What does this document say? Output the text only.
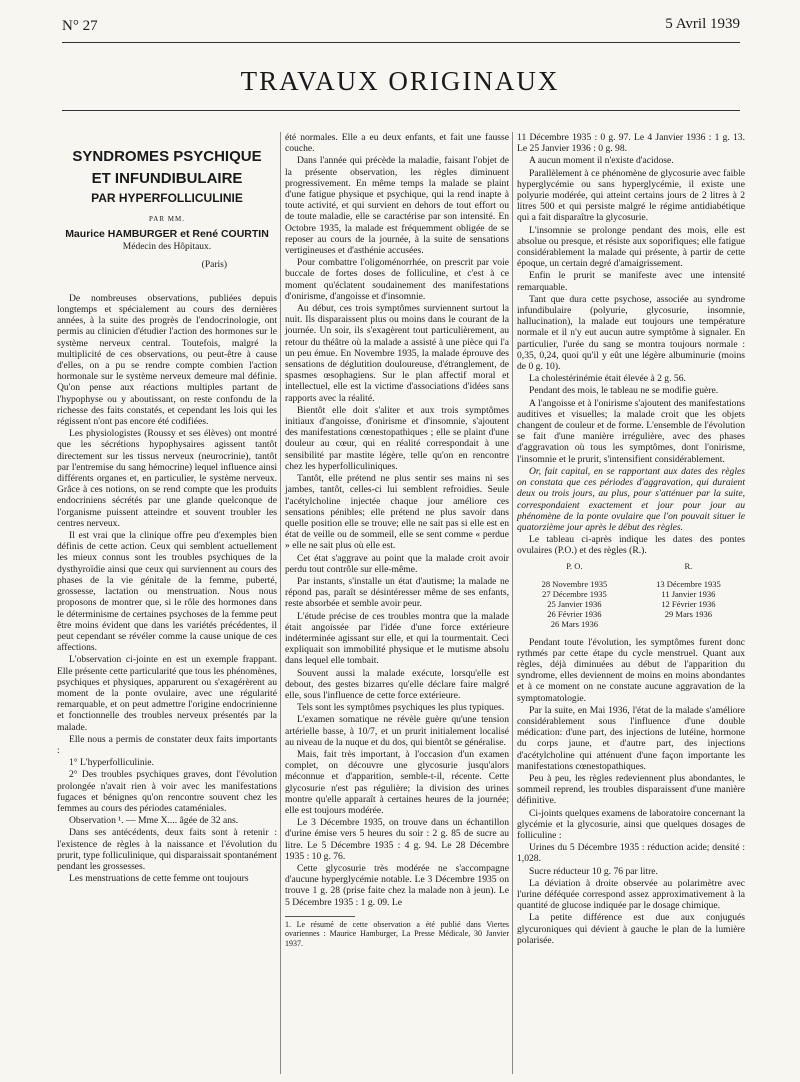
N° 27	5 Avril 1939
TRAVAUX ORIGINAUX
SYNDROMES PSYCHIQUE
ET INFUNDIBULAIRE
PAR HYPERFOLLICULINIE
PAR MM.
Maurice HAMBURGER et René COURTIN
Médecin des Hôpitaux.
(Paris)

De nombreuses observations, publiées depuis longtemps et spécialement au cours des dernières années, à la suite des progrès de l'endocrinologie, ont permis au clinicien d'étudier l'action des hormones sur le système nerveux central. Toutefois, malgré la multiplicité de ces observations, ou peut-être à cause d'elles, on a pu se rendre compte combien l'action hormonale sur le système nerveux demeure mal définie. Qu'on pense aux réactions multiples partant de l'hypophyse ou y aboutissant, on reste confondu de la richesse des faits constatés, et cependant les lois qui les régissent n'ont pas encore été codifiées.

Les physiologistes (Roussy et ses élèves) ont montré que les sécrétions hypophysaires agissent tantôt directement sur les tissus nerveux (neurocrinie), tantôt par l'entremise du sang hémocrine) lequel influence ainsi différents organes et, en particulier, le système nerveux. Grâce à ces notions, on se rend compte que les produits endocriniens sécrétés par une glande quelconque de l'organisme puissent atteindre et souvent troubler les centres nerveux.

Il est vrai que la clinique offre peu d'exemples bien définis de cette action. Ceux qui semblent actuellement les mieux connus sont les troubles psychiques de la dysthyroïdie ainsi que ceux qui surviennent au cours des phases de la vie génitale de la femme, puberté, grossesse, lactation ou menstruation. Nous nous proposons de montrer que, si le rôle des hormones dans le déterminisme de certaines psychoses de la femme peut être moins évident que dans les variétés précédentes, il peut cependant se révéler comme la cause unique de ces affections.

L'observation ci-jointe en est un exemple frappant. Elle présente cette particularité que tous les phénomènes, psychiques et physiques, apparurent ou s'exagérèrent au moment de la ponte ovulaire, avec une régularité remarquable, et on peut admettre l'origine endocrinienne et fonctionnelle des troubles nerveux présentés par la malade.

Elle nous a permis de constater deux faits importants :

1° L'hyperfolliculinie.

2° Des troubles psychiques graves, dont l'évolution prolongée n'avait rien à voir avec les manifestations fugaces et bénignes qu'on rencontre souvent chez les femmes au cours des périodes cataméniales.

Observation ¹. — Mme X.... âgée de 32 ans.

Dans ses antécédents, deux faits sont à retenir : l'existence de règles à la naissance et l'évolution du prurit, type folliculinique, qui disparaissait spontanément pendant les grossesses.

Les menstruations de cette femme ont toujours

été normales. Elle a eu deux enfants, et fait une fausse couche.

Dans l'année qui précède la maladie, faisant l'objet de la présente observation, les règles diminuent progressivement. En même temps la malade se plaint d'une fatigue physique et psychique, qui la rend inapte à toute activité, et qui survient en dehors de tout effort ou de toute maladie, elle se caractérise par son intensité. En Octobre 1935, la malade est fréquemment obligée de se reposer au cours de la journée, à la suite de sensations vertigineuses et d'asthénie accusées.

Pour combattre l'oligoménorrhée, on prescrit par voie buccale de fortes doses de folliculine, et c'est à ce moment qu'éclatent soudainement des manifestations d'onirisme, d'angoisse et d'insomnie.

Au début, ces trois symptômes surviennent surtout la nuit. Ils disparaissent plus ou moins dans le courant de la journée. Un soir, ils s'exagèrent tout particulièrement, au retour du théâtre où la malade a assisté à une pièce qui l'a un peu émue. En Novembre 1935, la malade éprouve des sensations de déglutition douloureuse, d'étranglement, de spasmes œsophagiens. Sur le plan affectif moral et intellectuel, elle est la victime d'associations d'idées sans rapports avec la réalité.

Bientôt elle doit s'aliter et aux trois symptômes initiaux d'angoisse, d'onirisme et d'insomnie, s'ajoutent des manifestations cœnestopathiques ; elle se plaint d'une douleur au cœur, qui en réalité correspondait à une sensibilité par mastite légère, telle qu'on en rencontre chez les hyperfolliculiniques.

Tantôt, elle prétend ne plus sentir ses mains ni ses jambes, tantôt, celles-ci lui semblent refroidies. Seule l'acétylcholine injectée chaque jour améliore ces sensations pénibles; elle prétend ne plus savoir dans quelle position elle se trouve; elle ne sait pas si elle est en état de veille ou de sommeil, elle se sent comme « perdue » elle ne sait plus où elle est.

Cet état s'aggrave au point que la malade croit avoir perdu tout contrôle sur elle-même.

Par instants, s'installe un état d'autisme; la malade ne répond pas, paraît se désintéresser même de ses enfants, reste absorbée et semble avoir peur.

L'étude précise de ces troubles montra que la malade était angoissée par l'idée d'une force extérieure indéterminée agissant sur elle, et qui la tourmentait. Ceci expliquait son immobilité physique et le mutisme absolu dans lequel elle tombait.

Souvent aussi la malade exécute, lorsqu'elle est debout, des gestes bizarres qu'elle déclare faire malgré elle, sous l'influence de cette force extérieure.

Tels sont les symptômes psychiques les plus typiques.

L'examen somatique ne révèle guère qu'une tension artérielle basse, à 10/7, et un prurit initialement localisé au niveau de la nuque et du dos, qui bientôt se généralise.

Mais, fait très important, à l'occasion d'un examen complet, on découvre une glycosurie jusqu'alors méconnue et d'apparition, semble-t-il, récente. Cette glycosurie n'est pas régulière; la division des urines montre qu'elle apparaît à certaines heures de la journée; elle est toujours modérée.

Le 3 Décembre 1935, on trouve dans un échantillon d'urine émise vers 5 heures du soir : 2 g. 85 de sucre au litre. Le 5 Décembre 1935 : 4 g. 94. Le 28 Décembre 1935 : 10 g. 76.

Cette glycosurie très modérée ne s'accompagne d'aucune hyperglycémie notable. Le 3 Décembre 1935 on trouve 1 g. 28 (prise faite chez la malade non à jeun). Le 5 Décembre 1935 : 1 g. 09. Le

1. Le résumé de cette observation a été publié dans Viertes ovariennes : Maurice Hamburger, La Presse Médicale, 30 Janvier 1937.

11 Décembre 1935 : 0 g. 97. Le 4 Janvier 1936 : 1 g. 13. Le 25 Janvier 1936 : 0 g. 98.

A aucun moment il n'existe d'acidose.

Parallèlement à ce phénomène de glycosurie avec faible hyperglycémie ou sans hyperglycémie, il existe une polyurie modérée, qui atteint certains jours de 2 litres à 2 litres 500 et qui persiste malgré le régime antidiabétique qui a fait disparaître la glycosurie.

L'insomnie se prolonge pendant des mois, elle est absolue ou presque, et résiste aux soporifiques; elle fatigue considérablement la malade qui présente, à partir de cette époque, un certain degré d'amaigrissement.

Enfin le prurit se manifeste avec une intensité remarquable.

Tant que dura cette psychose, associée au syndrome infundibulaire (polyurie, glycosurie, insomnie, hallucination), la malade eut toujours une température normale et il n'y eut aucun autre symptôme à signaler. En particulier, l'urée du sang se montra toujours normale : 0,35, 0,24, quoi qu'il y eût une légère albuminurie (moins de 0 g. 10).

La cholestérinémie était élevée à 2 g. 56.

Pendant des mois, le tableau ne se modifie guère.

A l'angoisse et à l'onirisme s'ajoutent des manifestations auditives et visuelles; la malade croit que les objets changent de couleur et de forme. L'ensemble de l'évolution se fait d'une manière irrégulière, avec des phases d'aggravation où tous les symptômes, dont l'onirisme, l'insomnie et le prurit, s'intensifient considérablement.

Or, fait capital, en se rapportant aux dates des règles on constata que ces périodes d'aggravation, qui duraient deux ou trois jours, au plus, pour s'atténuer par la suite, correspondaient exactement et jour pour jour au phénomène de la ponte ovulaire que l'on pouvait situer le quatorzième jour après le début des règles.

Le tableau ci-après indique les dates des pontes ovulaires (P.O.) et des règles (R.).

P. O.	R.

28 Novembre 1935	13 Décembre 1935
27 Décembre 1935	11 Janvier 1936
25 Janvier 1936	12 Février 1936
26 Février 1936	29 Mars 1936
26 Mars 1936	

Pendant toute l'évolution, les symptômes furent donc rythmés par cette étape du cycle menstruel. Quant aux règles, déjà diminuées au début de l'apparition du syndrome, elles deviennent de moins en moins abondantes et à ce moment on ne constate aucune aggravation de la symptomatologie.

Par la suite, en Mai 1936, l'état de la malade s'améliore considérablement sous l'influence d'une double médication: d'une part, des injections de lutéine, hormone du corps jaune, et d'autre part, des injections d'acétylcholine qui atténuent d'une façon importante les manifestations cœnestopathiques.

Peu à peu, les règles redeviennent plus abondantes, le sommeil reprend, les troubles disparaissent d'une manière définitive.

Ci-joints quelques examens de laboratoire concernant la glycémie et la glycosurie, ainsi que quelques dosages de folliculine :

Urines du 5 Décembre 1935 : réduction acide; densité : 1,028.

Sucre réducteur 10 g. 76 par litre.

La déviation à droite observée au polarimètre avec l'urine déféquée correspond assez approximativement à la quantité de glucose indiquée par le dosage chimique.

La petite différence est due aux conjugués glycuroniques qui dévient à gauche le plan de la lumière polarisée.
